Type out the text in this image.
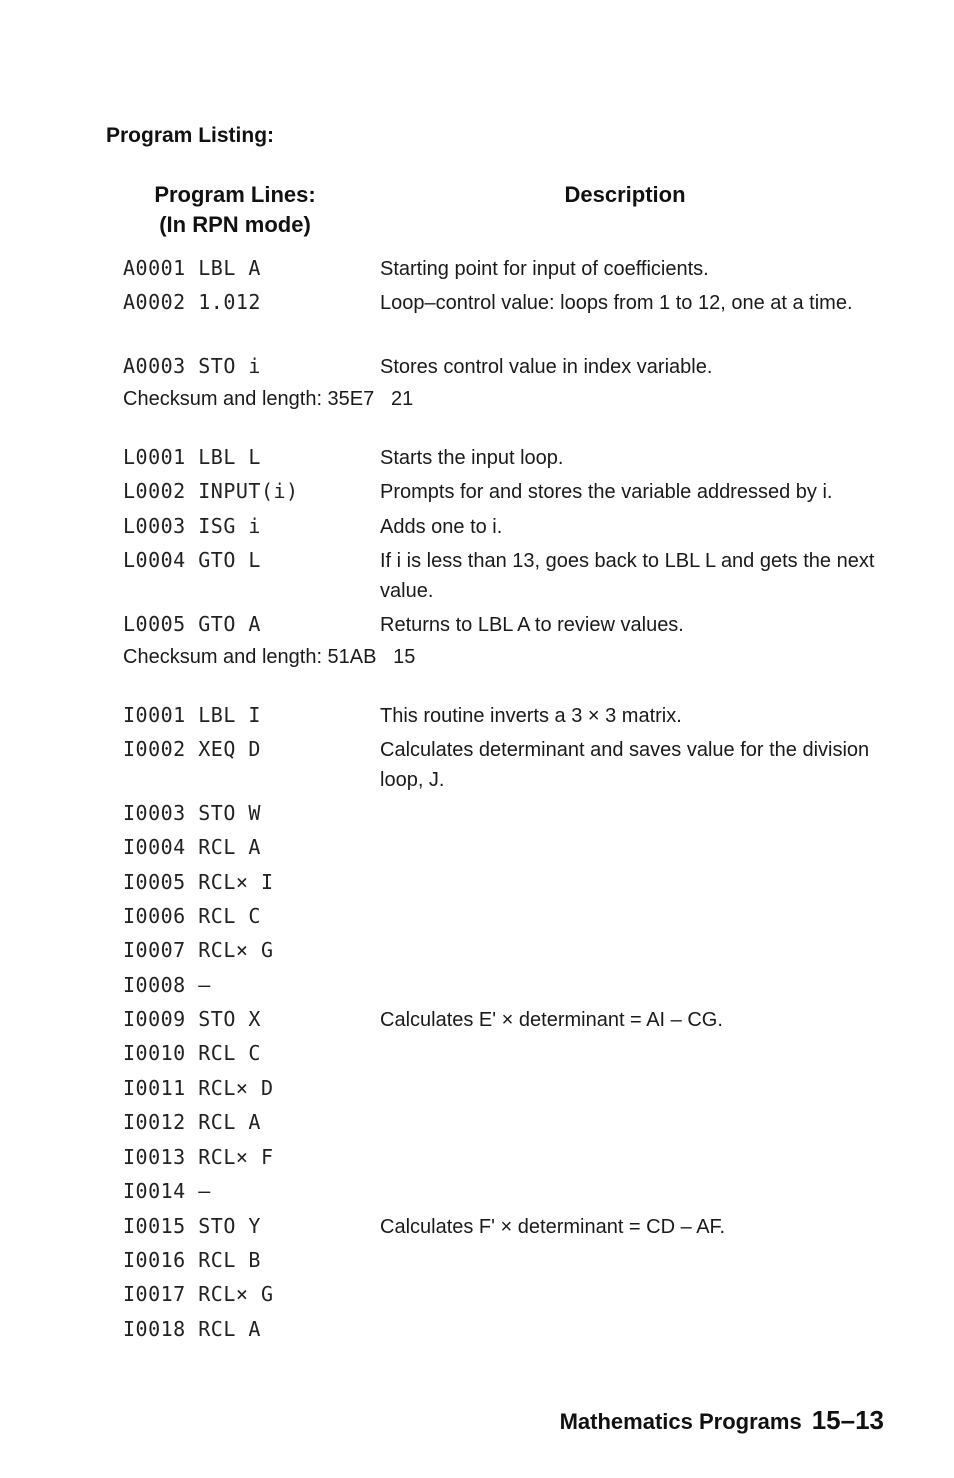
Program Listing:
Program Lines:
(In RPN mode)
Description
A0001 LBL A	Starting point for input of coefficients.
A0002 1.012	Loop–control value: loops from 1 to 12, one at a time.
A0003 STO i	Stores control value in index variable.
Checksum and length: 35E7   21
L0001 LBL L	Starts the input loop.
L0002 INPUT(i)	Prompts for and stores the variable addressed by i.
L0003 ISG i	Adds one to i.
L0004 GTO L	If i is less than 13, goes back to LBL L and gets the next value.
L0005 GTO A	Returns to LBL A to review values.
Checksum and length: 51AB   15
I0001 LBL I	This routine inverts a 3 × 3 matrix.
I0002 XEQ D	Calculates determinant and saves value for the division loop, J.
I0003 STO W
I0004 RCL A
I0005 RCL× I
I0006 RCL C
I0007 RCL× G
I0008 –
I0009 STO X	Calculates E' × determinant = AI – CG.
I0010 RCL C
I0011 RCL× D
I0012 RCL A
I0013 RCL× F
I0014 –
I0015 STO Y	Calculates F' × determinant = CD – AF.
I0016 RCL B
I0017 RCL× G
I0018 RCL A
Mathematics Programs 15–13
